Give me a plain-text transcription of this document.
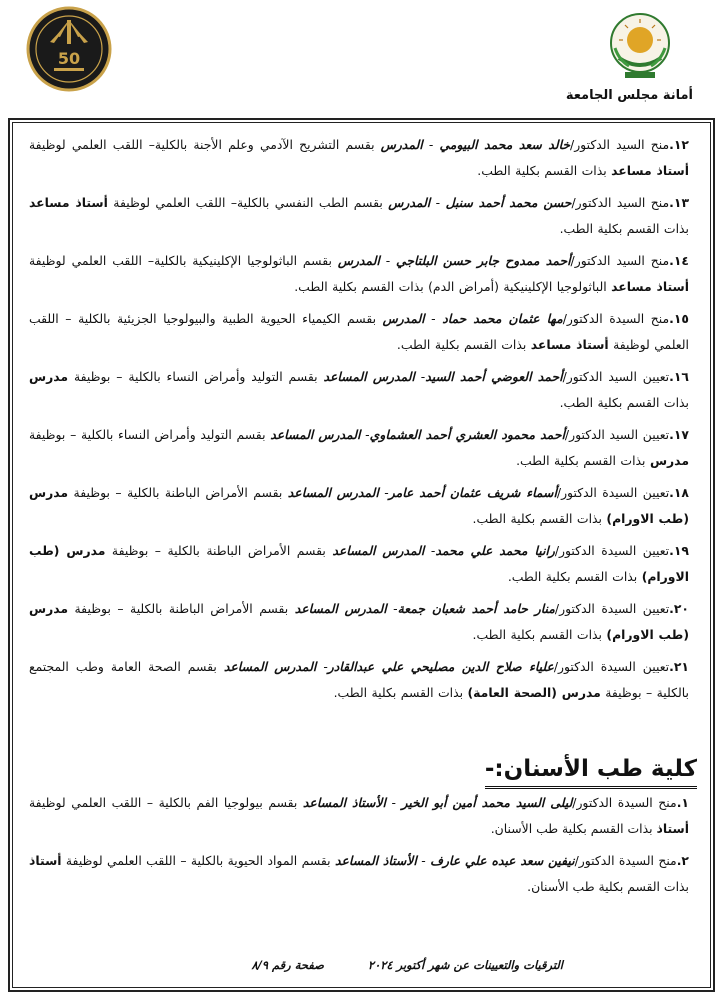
أمانة مجلس الجامعة
50
١٢.منح السيد الدكتور/خالد سعد محمد البيومي - المدرس بقسم التشريح الآدمي وعلم الأجنة بالكلية– اللقب العلمي لوظيفة أستاذ مساعد بذات القسم بكلية الطب.
١٣.منح السيد الدكتور/حسن محمد أحمد سنبل - المدرس بقسم الطب النفسي بالكلية– اللقب العلمي لوظيفة أستاذ مساعد بذات القسم بكلية الطب.
١٤.منح السيد الدكتور/أحمد ممدوح جابر حسن البلتاجي - المدرس بقسم الباثولوجيا الإكلينيكية بالكلية– اللقب العلمي لوظيفة أستاذ مساعد الباثولوجيا الإكلينيكية (أمراض الدم) بذات القسم بكلية الطب.
١٥.منح السيدة الدكتور/مها عثمان محمد حماد - المدرس بقسم الكيمياء الحيوية الطبية والبيولوجيا الجزيئية بالكلية – اللقب العلمي لوظيفة أستاذ مساعد بذات القسم بكلية الطب.
١٦.تعيين السيد الدكتور/أحمد العوضي أحمد السيد- المدرس المساعد بقسم التوليد وأمراض النساء بالكلية – بوظيفة مدرس بذات القسم بكلية الطب.
١٧.تعيين السيد الدكتور/أحمد محمود العشري أحمد العشماوي- المدرس المساعد بقسم التوليد وأمراض النساء بالكلية – بوظيفة مدرس بذات القسم بكلية الطب.
١٨.تعيين السيدة الدكتور/أسماء شريف عثمان أحمد عامر- المدرس المساعد بقسم الأمراض الباطنة بالكلية – بوظيفة مدرس (طب الاورام) بذات القسم بكلية الطب.
١٩.تعيين السيدة الدكتور/رانيا محمد علي محمد- المدرس المساعد بقسم الأمراض الباطنة بالكلية – بوظيفة مدرس (طب الاورام) بذات القسم بكلية الطب.
٢٠.تعيين السيدة الدكتور/منار حامد أحمد شعبان جمعة- المدرس المساعد بقسم الأمراض الباطنة بالكلية – بوظيفة مدرس (طب الاورام) بذات القسم بكلية الطب.
٢١.تعيين السيدة الدكتور/علياء صلاح الدين مصليحي علي عبدالقادر- المدرس المساعد بقسم الصحة العامة وطب المجتمع بالكلية – بوظيفة مدرس (الصحة العامة) بذات القسم بكلية الطب.
كلية طب الأسنان:-
١.منح السيدة الدكتور/ليلى السيد محمد أمين أبو الخير - الأستاذ المساعد بقسم بيولوجيا الفم بالكلية – اللقب العلمي لوظيفة أستاذ بذات القسم بكلية طب الأسنان.
٢.منح السيدة الدكتور/نيفين سعد عبده علي عارف - الأستاذ المساعد بقسم المواد الحيوية بالكلية – اللقب العلمي لوظيفة أستاذ بذات القسم بكلية طب الأسنان.
الترقيات والتعيينات عن شهر أكتوبر ٢٠٢٤ صفحة رقم ٨/٩
